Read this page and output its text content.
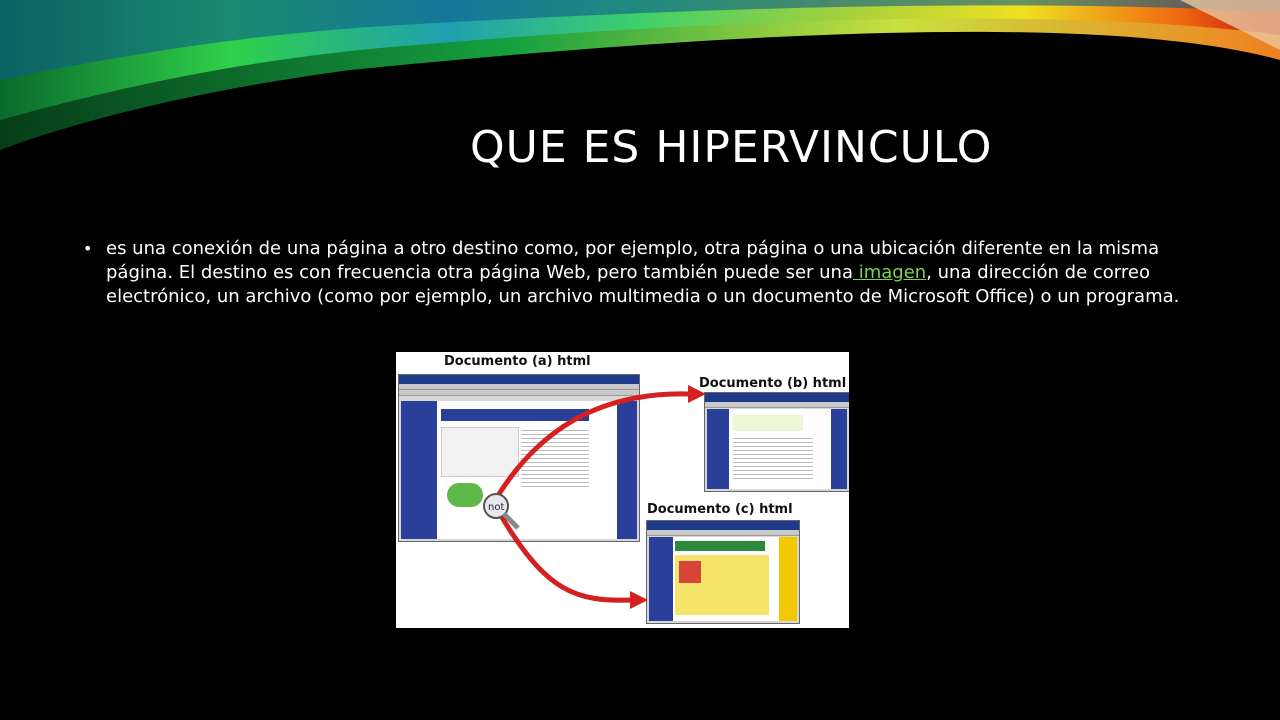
QUE ES HIPERVINCULO
• es una conexión de una página a otro destino como, por ejemplo, otra página o una ubicación diferente en la misma página. El destino es con frecuencia otra página Web, pero también puede ser una imagen, una dirección de correo electrónico, un archivo (como por ejemplo, un archivo multimedia o un documento de Microsoft Office) o un programa.
Documento (a) html
Documento (b) html
Documento (c) html
not
